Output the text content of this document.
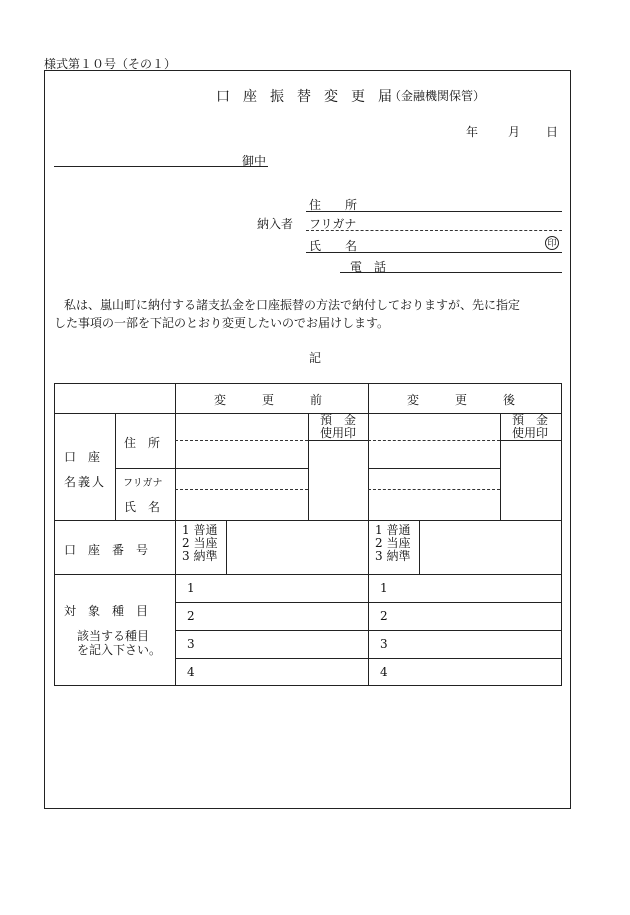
様式第１０号（その１）
口座振替変更届
（金融機関保管）
年 月 日
御中
住　　所
納入者 フリガナ
氏　　名	印
電　話
私は、嵐山町に納付する諸支払金を口座振替の方法で納付しておりますが、先に指定
した事項の一部を下記のとおり変更したいのでお届けします。
記
変　　　更　　　前	変　　　更　　　後
口　座
名義人
住　所
フリガナ
氏　名
預　金
使用印
預　金
使用印
口　座　番　号
1 普通
2 当座
3 納準
1 普通
2 当座
3 納準
対　象　種　目
該当する種目
を記入下さい。
1
2
3
4
1
2
3
4
